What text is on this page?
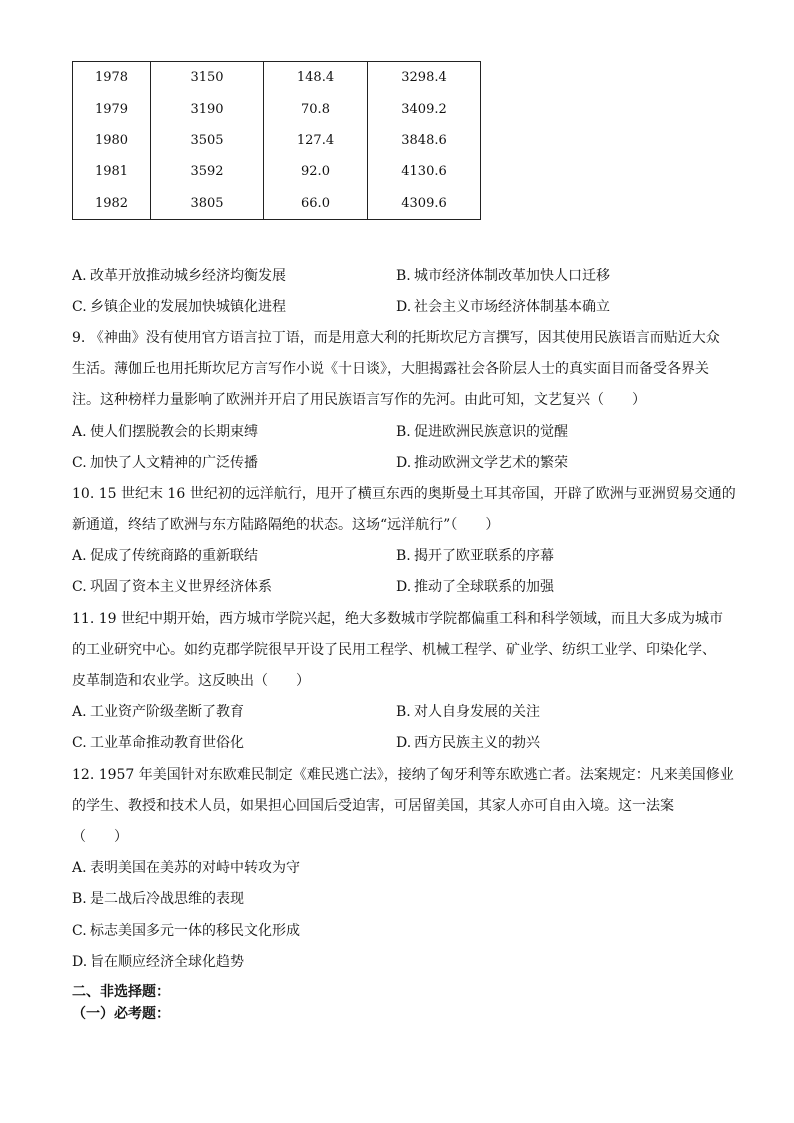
1978	3150	148.4	3298.4
1979	3190	70.8	3409.2
1980	3505	127.4	3848.6
1981	3592	92.0	4130.6
1982	3805	66.0	4309.6
A. 改革开放推动城乡经济均衡发展	B. 城市经济体制改革加快人口迁移
C. 乡镇企业的发展加快城镇化进程	D. 社会主义市场经济体制基本确立
9. 《神曲》没有使用官方语言拉丁语，而是用意大利的托斯坎尼方言撰写，因其使用民族语言而贴近大众
生活。薄伽丘也用托斯坎尼方言写作小说《十日谈》，大胆揭露社会各阶层人士的真实面目而备受各界关
注。这种榜样力量影响了欧洲并开启了用民族语言写作的先河。由此可知，文艺复兴（　　）
A. 使人们摆脱教会的长期束缚	B. 促进欧洲民族意识的觉醒
C. 加快了人文精神的广泛传播	D. 推动欧洲文学艺术的繁荣
10. 15 世纪末 16 世纪初的远洋航行，甩开了横亘东西的奥斯曼土耳其帝国，开辟了欧洲与亚洲贸易交通的
新通道，终结了欧洲与东方陆路隔绝的状态。这场“远洋航行”（　　）
A. 促成了传统商路的重新联结	B. 揭开了欧亚联系的序幕
C. 巩固了资本主义世界经济体系	D. 推动了全球联系的加强
11. 19 世纪中期开始，西方城市学院兴起，绝大多数城市学院都偏重工科和科学领域，而且大多成为城市
的工业研究中心。如约克郡学院很早开设了民用工程学、机械工程学、矿业学、纺织工业学、印染化学、
皮革制造和农业学。这反映出（　　）
A. 工业资产阶级垄断了教育	B. 对人自身发展的关注
C. 工业革命推动教育世俗化	D. 西方民族主义的勃兴
12. 1957 年美国针对东欧难民制定《难民逃亡法》，接纳了匈牙利等东欧逃亡者。法案规定：凡来美国修业
的学生、教授和技术人员，如果担心回国后受迫害，可居留美国，其家人亦可自由入境。这一法案
（　　）
A. 表明美国在美苏的对峙中转攻为守
B. 是二战后冷战思维的表现
C. 标志美国多元一体的移民文化形成
D. 旨在顺应经济全球化趋势
二、非选择题：
（一）必考题：
